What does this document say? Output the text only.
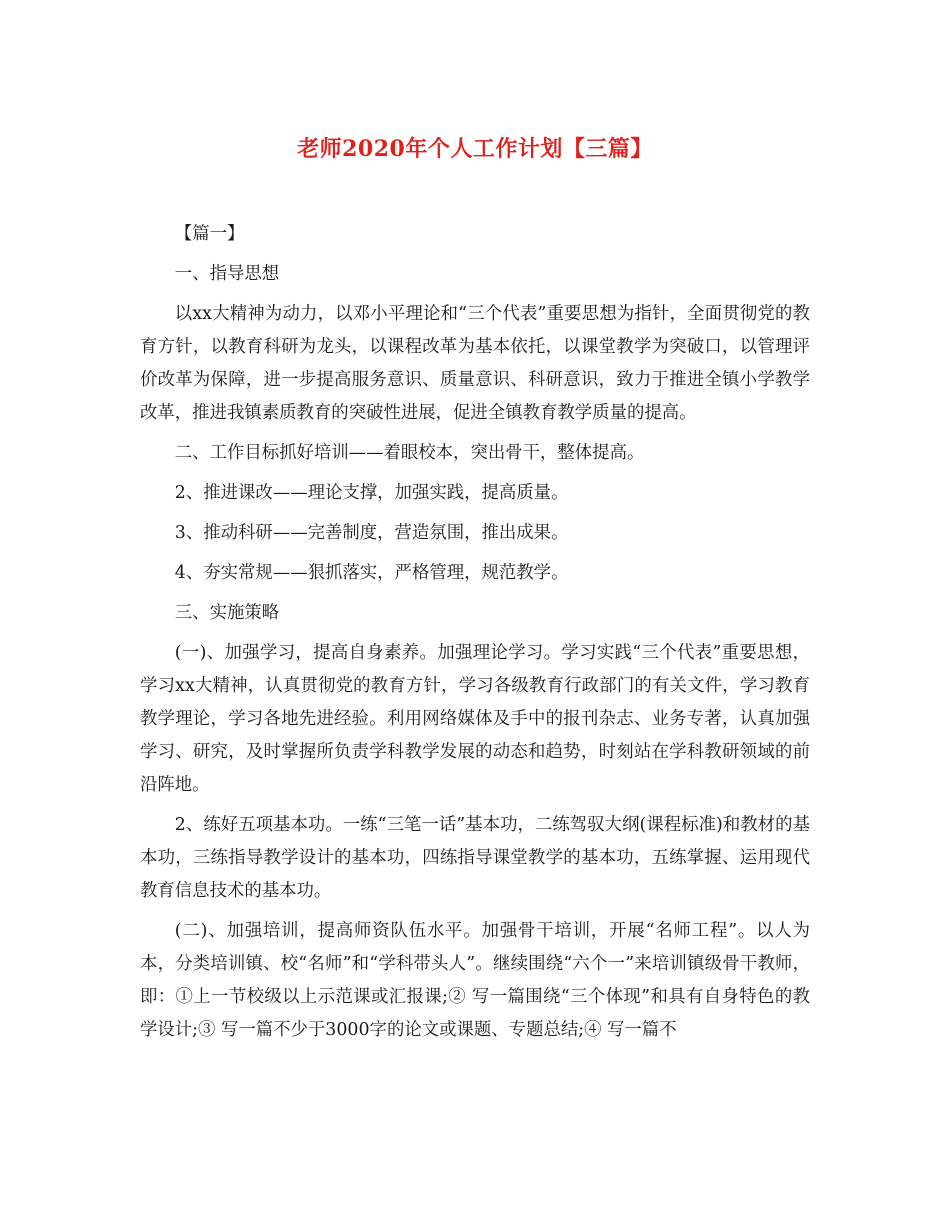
老师2020年个人工作计划【三篇】

【篇一】

一、指导思想

以xx大精神为动力，以邓小平理论和“三个代表”重要思想为指针，全面贯彻党的教育方针，以教育科研为龙头，以课程改革为基本依托，以课堂教学为突破口，以管理评价改革为保障，进一步提高服务意识、质量意识、科研意识，致力于推进全镇小学教学改革，推进我镇素质教育的突破性进展，促进全镇教育教学质量的提高。

二、工作目标抓好培训——着眼校本，突出骨干，整体提高。

2、推进课改——理论支撑，加强实践，提高质量。

3、推动科研——完善制度，营造氛围，推出成果。

4、夯实常规——狠抓落实，严格管理，规范教学。

三、实施策略

(一)、加强学习，提高自身素养。加强理论学习。学习实践“三个代表”重要思想，学习xx大精神，认真贯彻党的教育方针，学习各级教育行政部门的有关文件，学习教育教学理论，学习各地先进经验。利用网络媒体及手中的报刊杂志、业务专著，认真加强学习、研究，及时掌握所负责学科教学发展的动态和趋势，时刻站在学科教研领域的前沿阵地。

2、练好五项基本功。一练“三笔一话”基本功，二练驾驭大纲(课程标准)和教材的基本功，三练指导教学设计的基本功，四练指导课堂教学的基本功，五练掌握、运用现代教育信息技术的基本功。

(二)、加强培训，提高师资队伍水平。加强骨干培训，开展“名师工程”。以人为本，分类培训镇、校“名师”和“学科带头人”。继续围绕“六个一”来培训镇级骨干教师，即：①上一节校级以上示范课或汇报课;② 写一篇围绕“三个体现”和具有自身特色的教学设计;③ 写一篇不少于3000字的论文或课题、专题总结;④ 写一篇不
